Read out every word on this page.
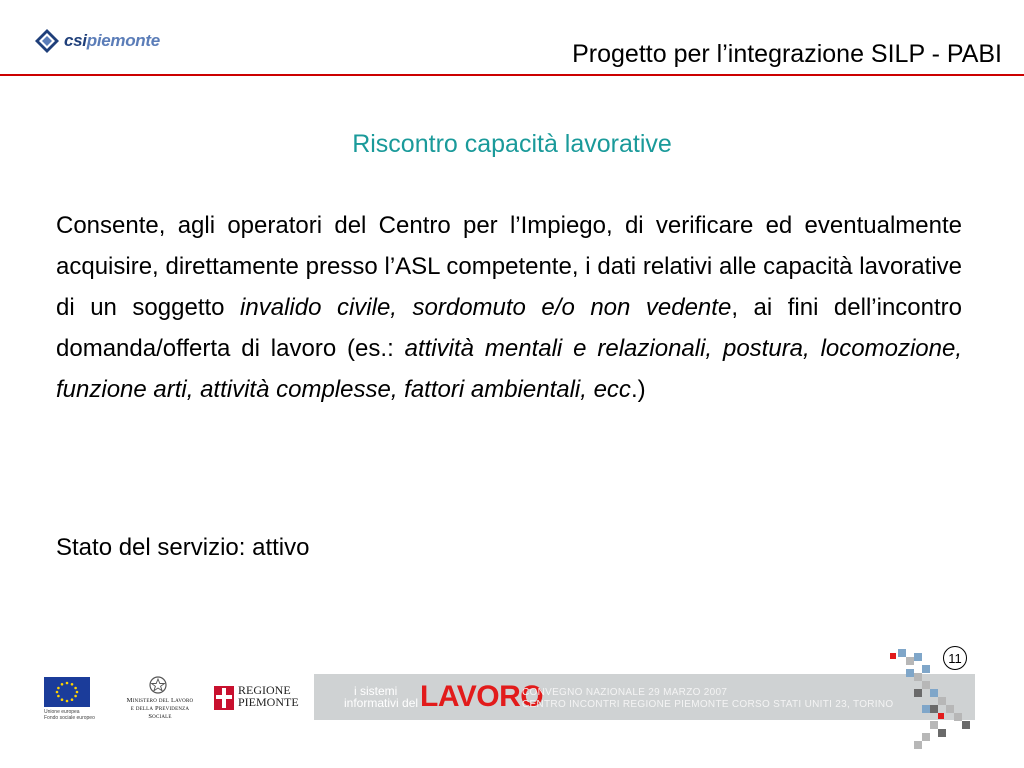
csipiemonte	Progetto per l’integrazione SILP - PABI
Riscontro capacità lavorative
Consente, agli operatori del Centro per l’Impiego, di verificare ed eventualmente acquisire, direttamente presso l’ASL competente, i dati relativi alle capacità lavorative di un soggetto invalido civile, sordomuto e/o non vedente, ai fini dell’incontro domanda/offerta di lavoro (es.: attività mentali e relazionali, postura, locomozione, funzione arti, attività complesse, fattori ambientali, ecc.)
Stato del servizio: attivo
11
Unione europea
Fondo sociale europeo
Ministero del Lavoro
e della Previdenza Sociale
REGIONE
PIEMONTE
i sistemi
informativi del LAVORO
CONVEGNO NAZIONALE 29 MARZO 2007
CENTRO INCONTRI REGIONE PIEMONTE CORSO STATI UNITI 23, TORINO
